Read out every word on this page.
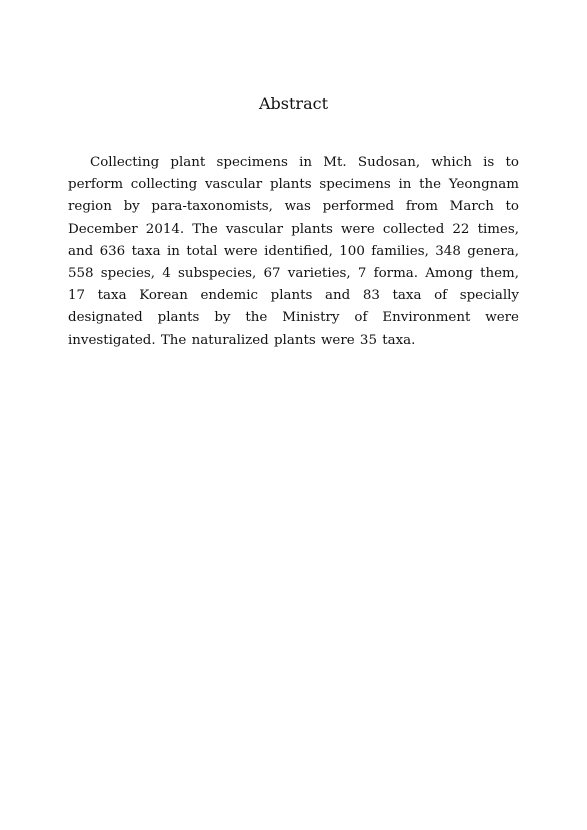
Abstract

Collecting plant specimens in Mt. Sudosan, which is to perform collecting vascular plants specimens in the Yeongnam region by para-taxonomists, was performed from March to December 2014. The vascular plants were collected 22 times, and 636 taxa in total were identified, 100 families, 348 genera, 558 species, 4 subspecies, 67 varieties, 7 forma. Among them, 17 taxa Korean endemic plants and 83 taxa of specially designated plants by the Ministry of Environment were investigated. The naturalized plants were 35 taxa.
